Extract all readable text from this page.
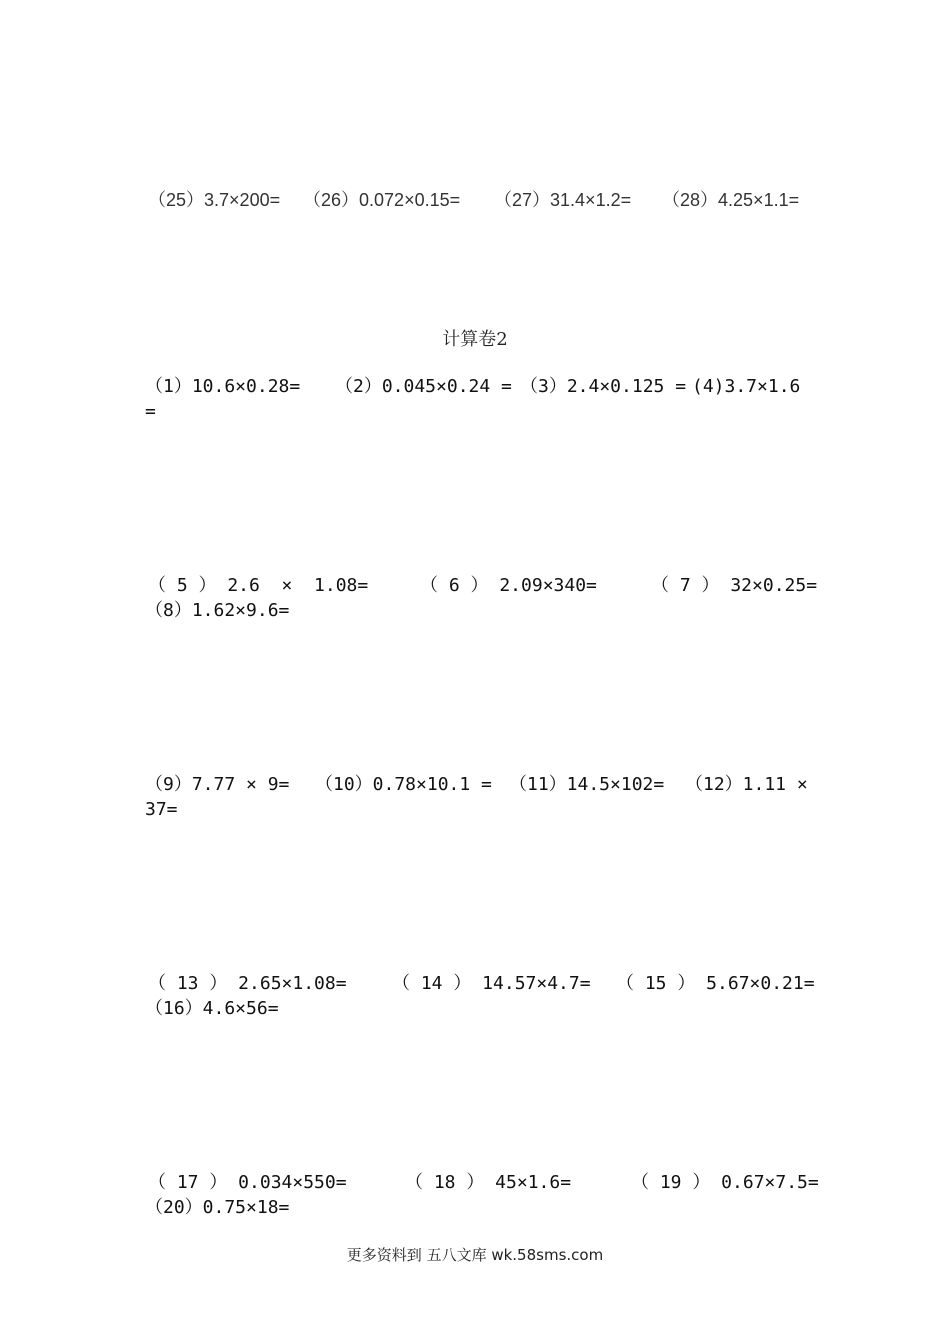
（25）3.7×200= （26）0.072×0.15= （27）31.4×1.2= （28）4.25×1.1=
计算卷2
（1）10.6×0.28= （2）0.045×0.24 = （3）2.4×0.125 = (4)3.7×1.6
=
（ 5 ） 2.6  ×  1.08=	（ 6 ） 2.09×340=	（ 7 ） 32×0.25=
（8）1.62×9.6=
（9）7.77 × 9= （10）0.78×10.1 = （11）14.5×102= （12）1.11 ×
37=
（ 13 ） 2.65×1.08=	（ 14 ） 14.57×4.7= （ 15 ） 5.67×0.21=
（16）4.6×56=
（ 17 ） 0.034×550=	（ 18 ） 45×1.6=	（ 19 ） 0.67×7.5=
（20）0.75×18=
更多资料到 五八文库 wk.58sms.com
